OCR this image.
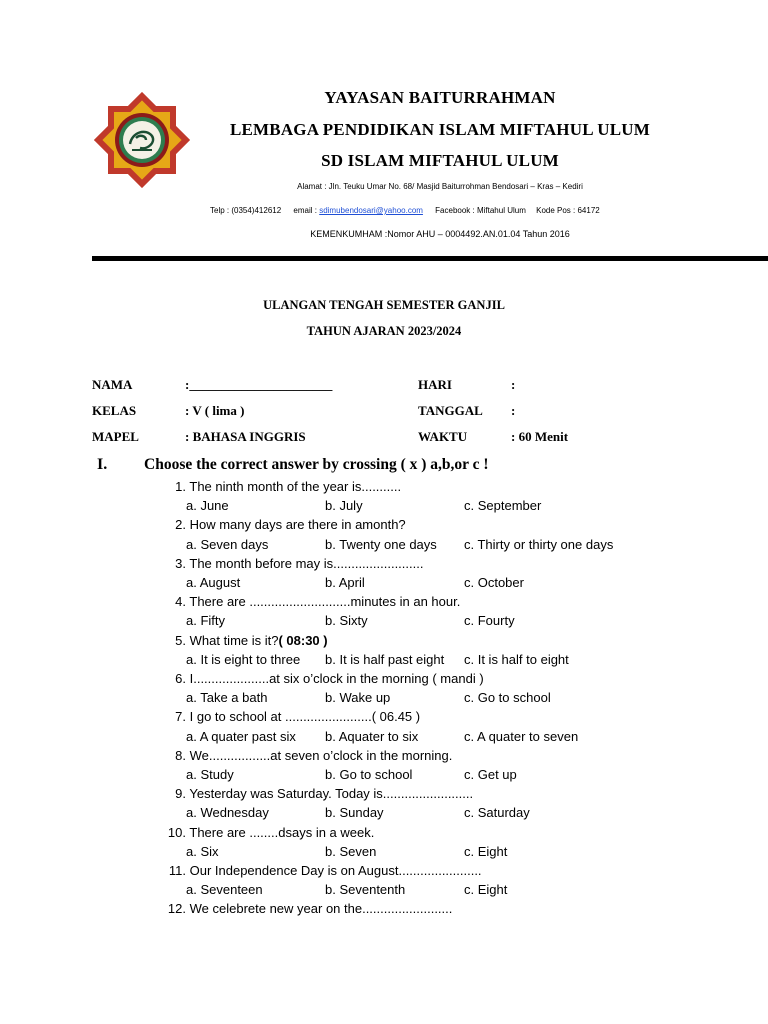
YAYASAN BAITURRAHMAN
LEMBAGA PENDIDIKAN ISLAM MIFTAHUL ULUM
SD ISLAM MIFTAHUL ULUM
Alamat : Jln. Teuku Umar No. 68/ Masjid Baiturrohman Bendosari – Kras – Kediri
Telp : (0354)412612 email : sdimubendosari@yahoo.com Facebook : Miftahul Ulum Kode Pos : 64172
KEMENKUMHAM :Nomor AHU – 0004492.AN.01.04 Tahun 2016
ULANGAN TENGAH SEMESTER GANJIL
TAHUN AJARAN 2023/2024
NAMA	:______________________	HARI	:
KELAS	: V ( lima )	TANGGAL :
MAPEL	: BAHASA INGGRIS	WAKTU	: 60 Menit
I. Choose the correct answer by crossing ( x ) a,b,or c !
1. The ninth month of the year is...........
a. June	b. July	c. September
2. How many days are there in amonth?
a. Seven days	b. Twenty one days c. Thirty or thirty one days
3. The month before may is.........................
a. August	b. April	c. October
4. There are ............................minutes in an hour.
a. Fifty	b. Sixty	c. Fourty
5. What time is it?( 08:30 )
a. It is eight to three b. It is half past eight c. It is half to eight
6. I.....................at six o’clock in the morning ( mandi )
a. Take a bath	b. Wake up	c. Go to school
7. I go to school at ........................( 06.45 )
a. A quater past six b. Aquater to six	c. A quater to seven
8. We.................at seven o’clock in the morning.
a. Study	b. Go to school	c. Get up
9. Yesterday was Saturday. Today is.........................
a. Wednesday	b. Sunday	c. Saturday
10. There are ........dsays in a week.
a. Six	b. Seven	c. Eight
11. Our Independence Day is on August.......................
a. Seventeen	b. Sevententh	c. Eight
12. We celebrete new year on the.........................
